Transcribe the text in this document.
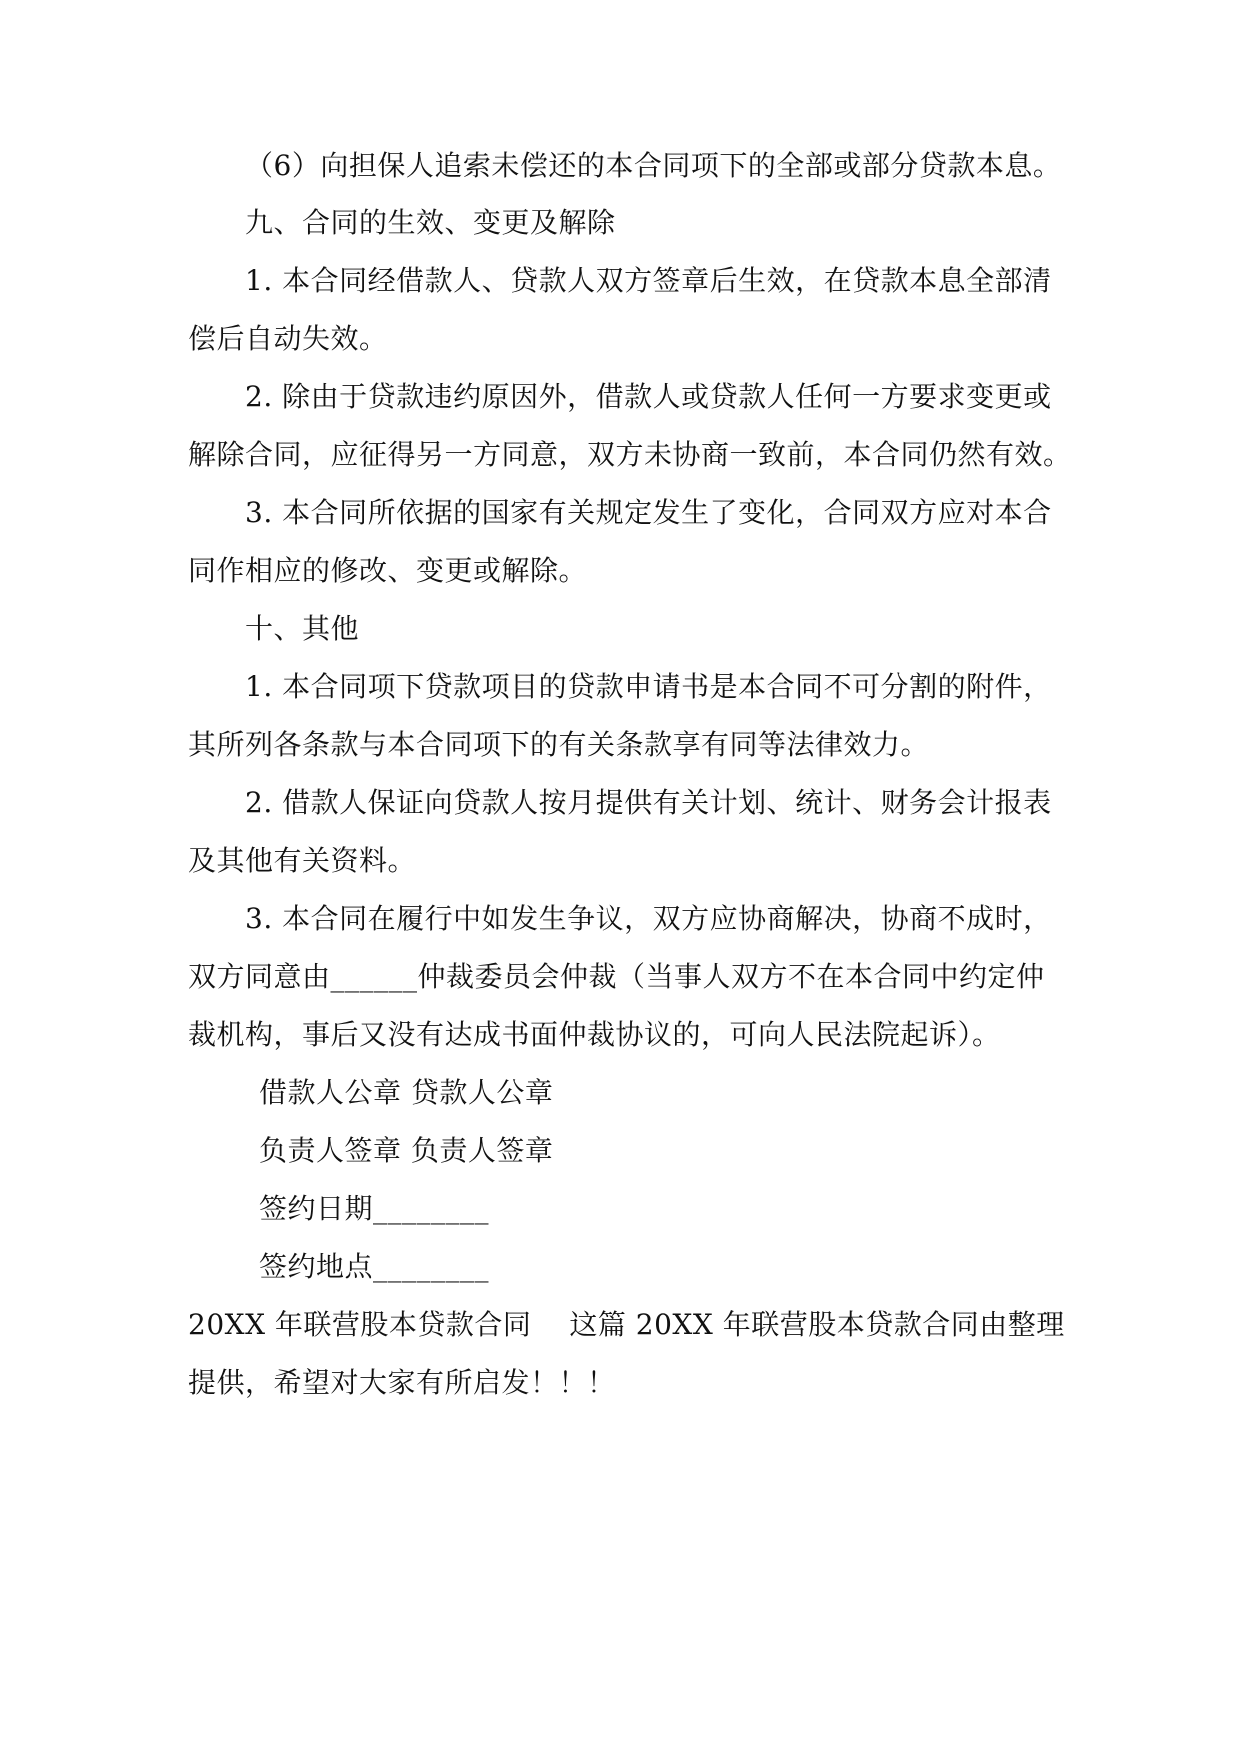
（6）向担保人追索未偿还的本合同项下的全部或部分贷款本息。
九、合同的生效、变更及解除
1. 本合同经借款人、贷款人双方签章后生效，在贷款本息全部清
偿后自动失效。
2. 除由于贷款违约原因外，借款人或贷款人任何一方要求变更或
解除合同，应征得另一方同意，双方未协商一致前，本合同仍然有效。
3. 本合同所依据的国家有关规定发生了变化，合同双方应对本合
同作相应的修改、变更或解除。
十、其他
1. 本合同项下贷款项目的贷款申请书是本合同不可分割的附件，
其所列各条款与本合同项下的有关条款享有同等法律效力。
2. 借款人保证向贷款人按月提供有关计划、统计、财务会计报表
及其他有关资料。
3. 本合同在履行中如发生争议，双方应协商解决，协商不成时，
双方同意由______仲裁委员会仲裁（当事人双方不在本合同中约定仲
裁机构，事后又没有达成书面仲裁协议的，可向人民法院起诉）。
借款人公章 贷款人公章
负责人签章 负责人签章
签约日期________
签约地点________
20XX 年联营股本贷款合同 这篇 20XX 年联营股本贷款合同由整理
提供，希望对大家有所启发！！！
